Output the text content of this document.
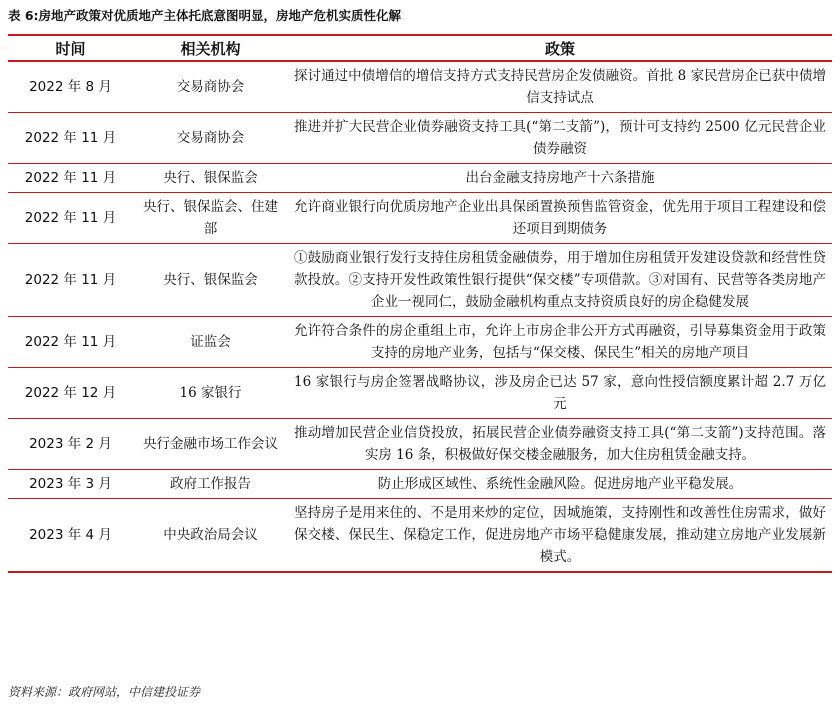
表 6:房地产政策对优质地产主体托底意图明显，房地产危机实质性化解
时间	相关机构	政策
2022 年 8 月	交易商协会	探讨通过中债增信的增信支持方式支持民营房企发债融资。首批 8 家民营房企已获中债增信支持试点
2022 年 11 月	交易商协会	推进并扩大民营企业债券融资支持工具(“第二支箭”)，预计可支持约 2500 亿元民营企业债券融资
2022 年 11 月	央行、银保监会	出台金融支持房地产十六条措施
2022 年 11 月	央行、银保监会、住建部	允许商业银行向优质房地产企业出具保函置换预售监管资金，优先用于项目工程建设和偿还项目到期债务
2022 年 11 月	央行、银保监会	①鼓励商业银行发行支持住房租赁金融债券，用于增加住房租赁开发建设贷款和经营性贷款投放。②支持开发性政策性银行提供“保交楼”专项借款。③对国有、民营等各类房地产企业一视同仁，鼓励金融机构重点支持资质良好的房企稳健发展
2022 年 11 月	证监会	允许符合条件的房企重组上市，允许上市房企非公开方式再融资，引导募集资金用于政策支持的房地产业务，包括与“保交楼、保民生”相关的房地产项目
2022 年 12 月	16 家银行	16 家银行与房企签署战略协议，涉及房企已达 57 家，意向性授信额度累计超 2.7 万亿元
2023 年 2 月	央行金融市场工作会议	推动增加民营企业信贷投放，拓展民营企业债券融资支持工具(“第二支箭”)支持范围。落实房 16 条，积极做好保交楼金融服务，加大住房租赁金融支持。
2023 年 3 月	政府工作报告	防止形成区域性、系统性金融风险。促进房地产业平稳发展。
2023 年 4 月	中央政治局会议	坚持房子是用来住的、不是用来炒的定位，因城施策，支持刚性和改善性住房需求，做好保交楼、保民生、保稳定工作，促进房地产市场平稳健康发展，推动建立房地产业发展新模式。
资料来源：政府网站，中信建投证券
